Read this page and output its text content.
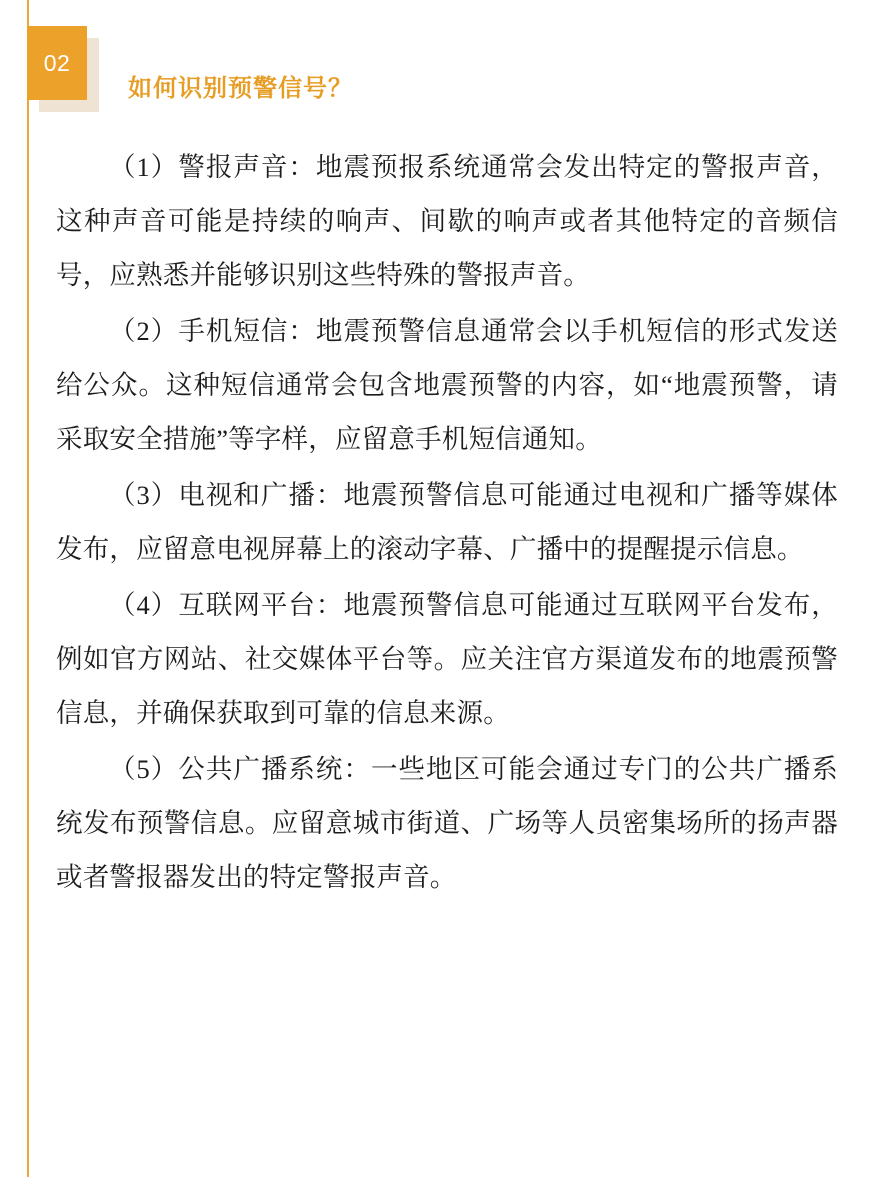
02
如何识别预警信号？

（1）警报声音：地震预报系统通常会发出特定的警报声音，这种声音可能是持续的响声、间歇的响声或者其他特定的音频信号，应熟悉并能够识别这些特殊的警报声音。

（2）手机短信：地震预警信息通常会以手机短信的形式发送给公众。这种短信通常会包含地震预警的内容，如“地震预警，请采取安全措施”等字样，应留意手机短信通知。

（3）电视和广播：地震预警信息可能通过电视和广播等媒体发布，应留意电视屏幕上的滚动字幕、广播中的提醒提示信息。

（4）互联网平台：地震预警信息可能通过互联网平台发布，例如官方网站、社交媒体平台等。应关注官方渠道发布的地震预警信息，并确保获取到可靠的信息来源。

（5）公共广播系统：一些地区可能会通过专门的公共广播系统发布预警信息。应留意城市街道、广场等人员密集场所的扬声器或者警报器发出的特定警报声音。
